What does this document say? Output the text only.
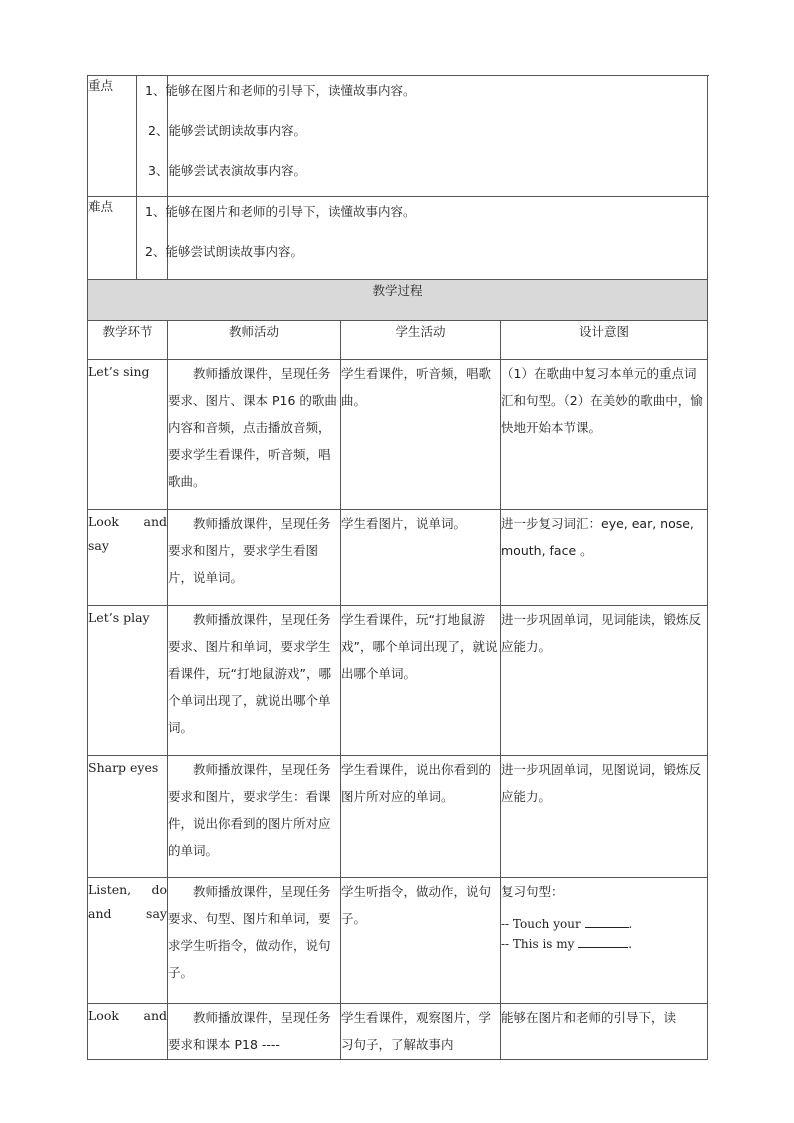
重点	1、能够在图片和老师的引导下，读懂故事内容。
2、能够尝试朗读故事内容。
3、能够尝试表演故事内容。		

难点	1、能够在图片和老师的引导下，读懂故事内容。
2、能够尝试朗读故事内容。		

教学过程			
教学环节	教师活动	学生活动	设计意图
Let’s sing	教师播放课件，呈现任务要求、图片、课本 P16 的歌曲内容和音频，点击播放音频，要求学生看课件，听音频，唱歌曲。	学生看课件，听音频，唱歌曲。	（1）在歌曲中复习本单元的重点词汇和句型。（2）在美妙的歌曲中，愉快地开始本节课。
Look and say	教师播放课件，呈现任务要求和图片，要求学生看图片，说单词。	学生看图片，说单词。	进一步复习词汇：eye, ear, nose, mouth, face 。
Let’s play	教师播放课件，呈现任务要求、图片和单词，要求学生看课件，玩“打地鼠游戏”，哪个单词出现了，就说出哪个单词。	学生看课件，玩“打地鼠游戏”，哪个单词出现了，就说出哪个单词。	进一步巩固单词，见词能读，锻炼反应能力。
Sharp eyes	教师播放课件，呈现任务要求和图片，要求学生：看课件，说出你看到的图片所对应的单词。	学生看课件，说出你看到的图片所对应的单词。	进一步巩固单词，见图说词，锻炼反应能力。
Listen, do and say	教师播放课件，呈现任务要求、句型、图片和单词，要求学生听指令，做动作，说句子。	学生听指令，做动作，说句子。	复习句型：
-- Touch your .
-- This is my .

Look and	教师播放课件，呈现任务要求和课本 P18 ----	学生看课件，观察图片，学习句子，了解故事内	能够在图片和老师的引导下，读
